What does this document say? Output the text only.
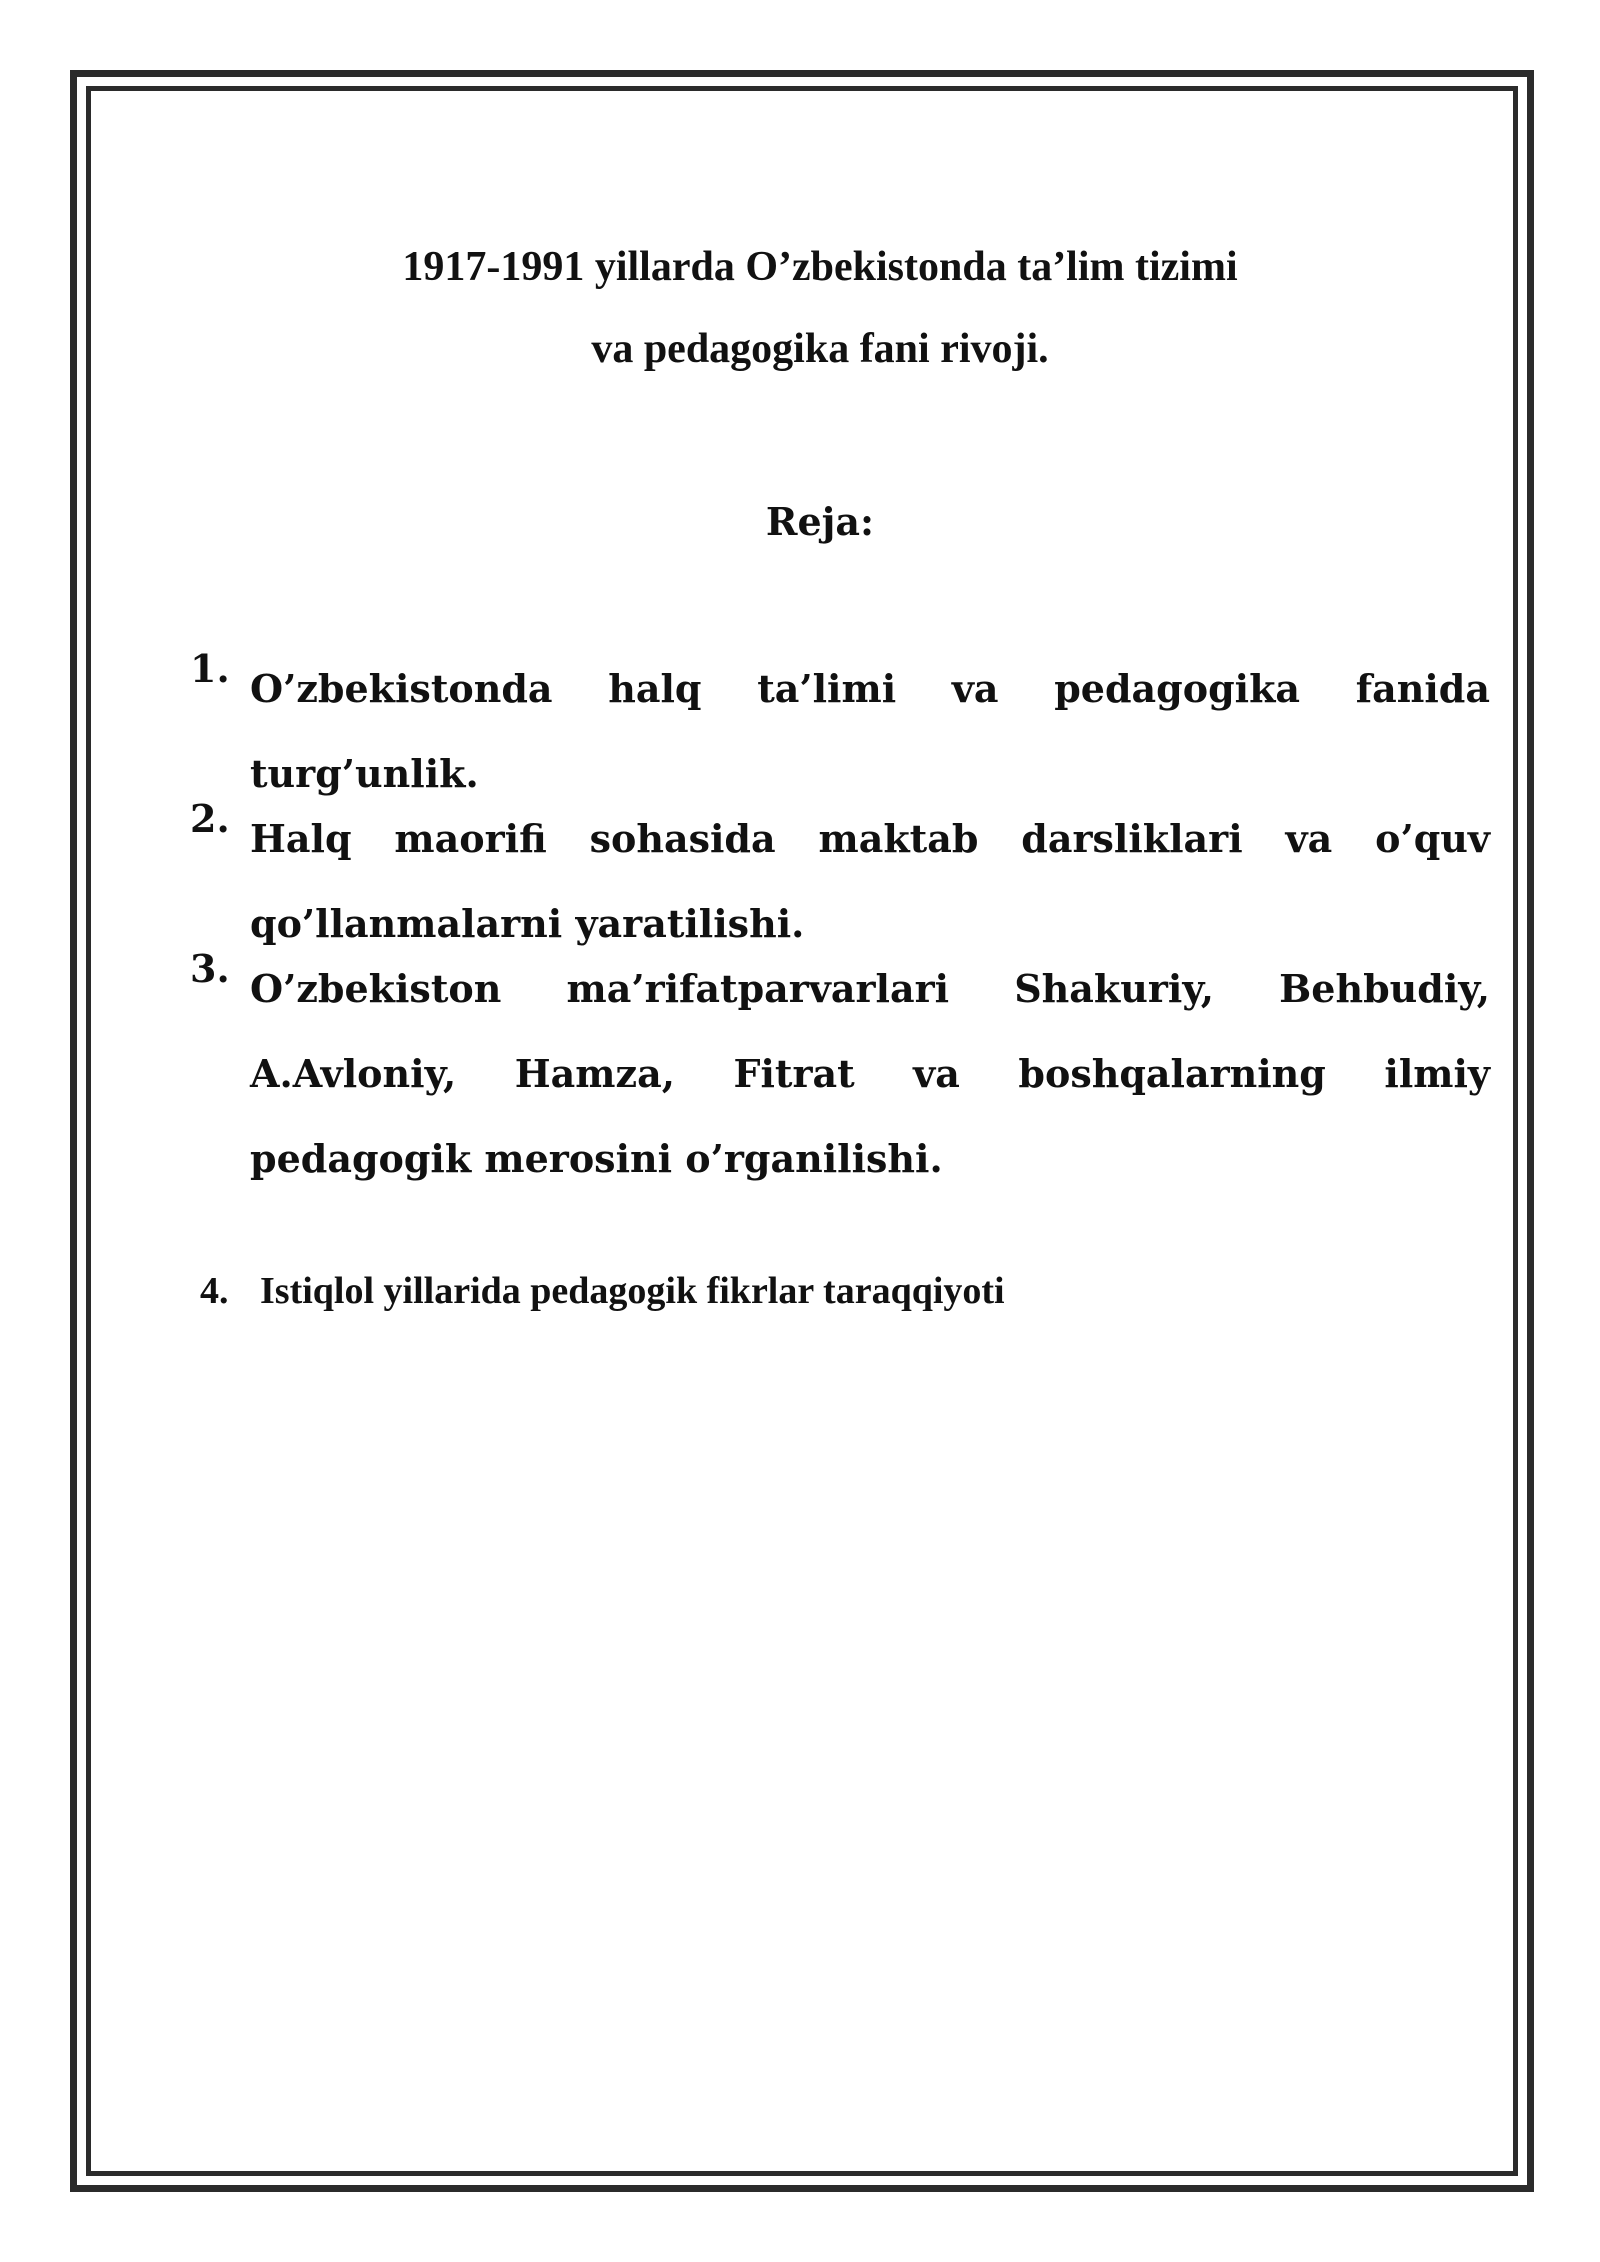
1917-1991 yillarda O’zbekistonda ta’lim tizimi
va pedagogika fani rivoji.
Reja:
1. O’zbekistonda halq ta’limi va pedagogika fanida turg’unlik.
2. Halq maorifi sohasida maktab darsliklari va o’quv qo’llanmalarni yaratilishi.
3. O’zbekiston ma’rifatparvarlari Shakuriy, Behbudiy, A.Avloniy, Hamza, Fitrat va boshqalarning ilmiy pedagogik merosini o’rganilishi.
4. Istiqlol yillarida pedagogik fikrlar taraqqiyoti
